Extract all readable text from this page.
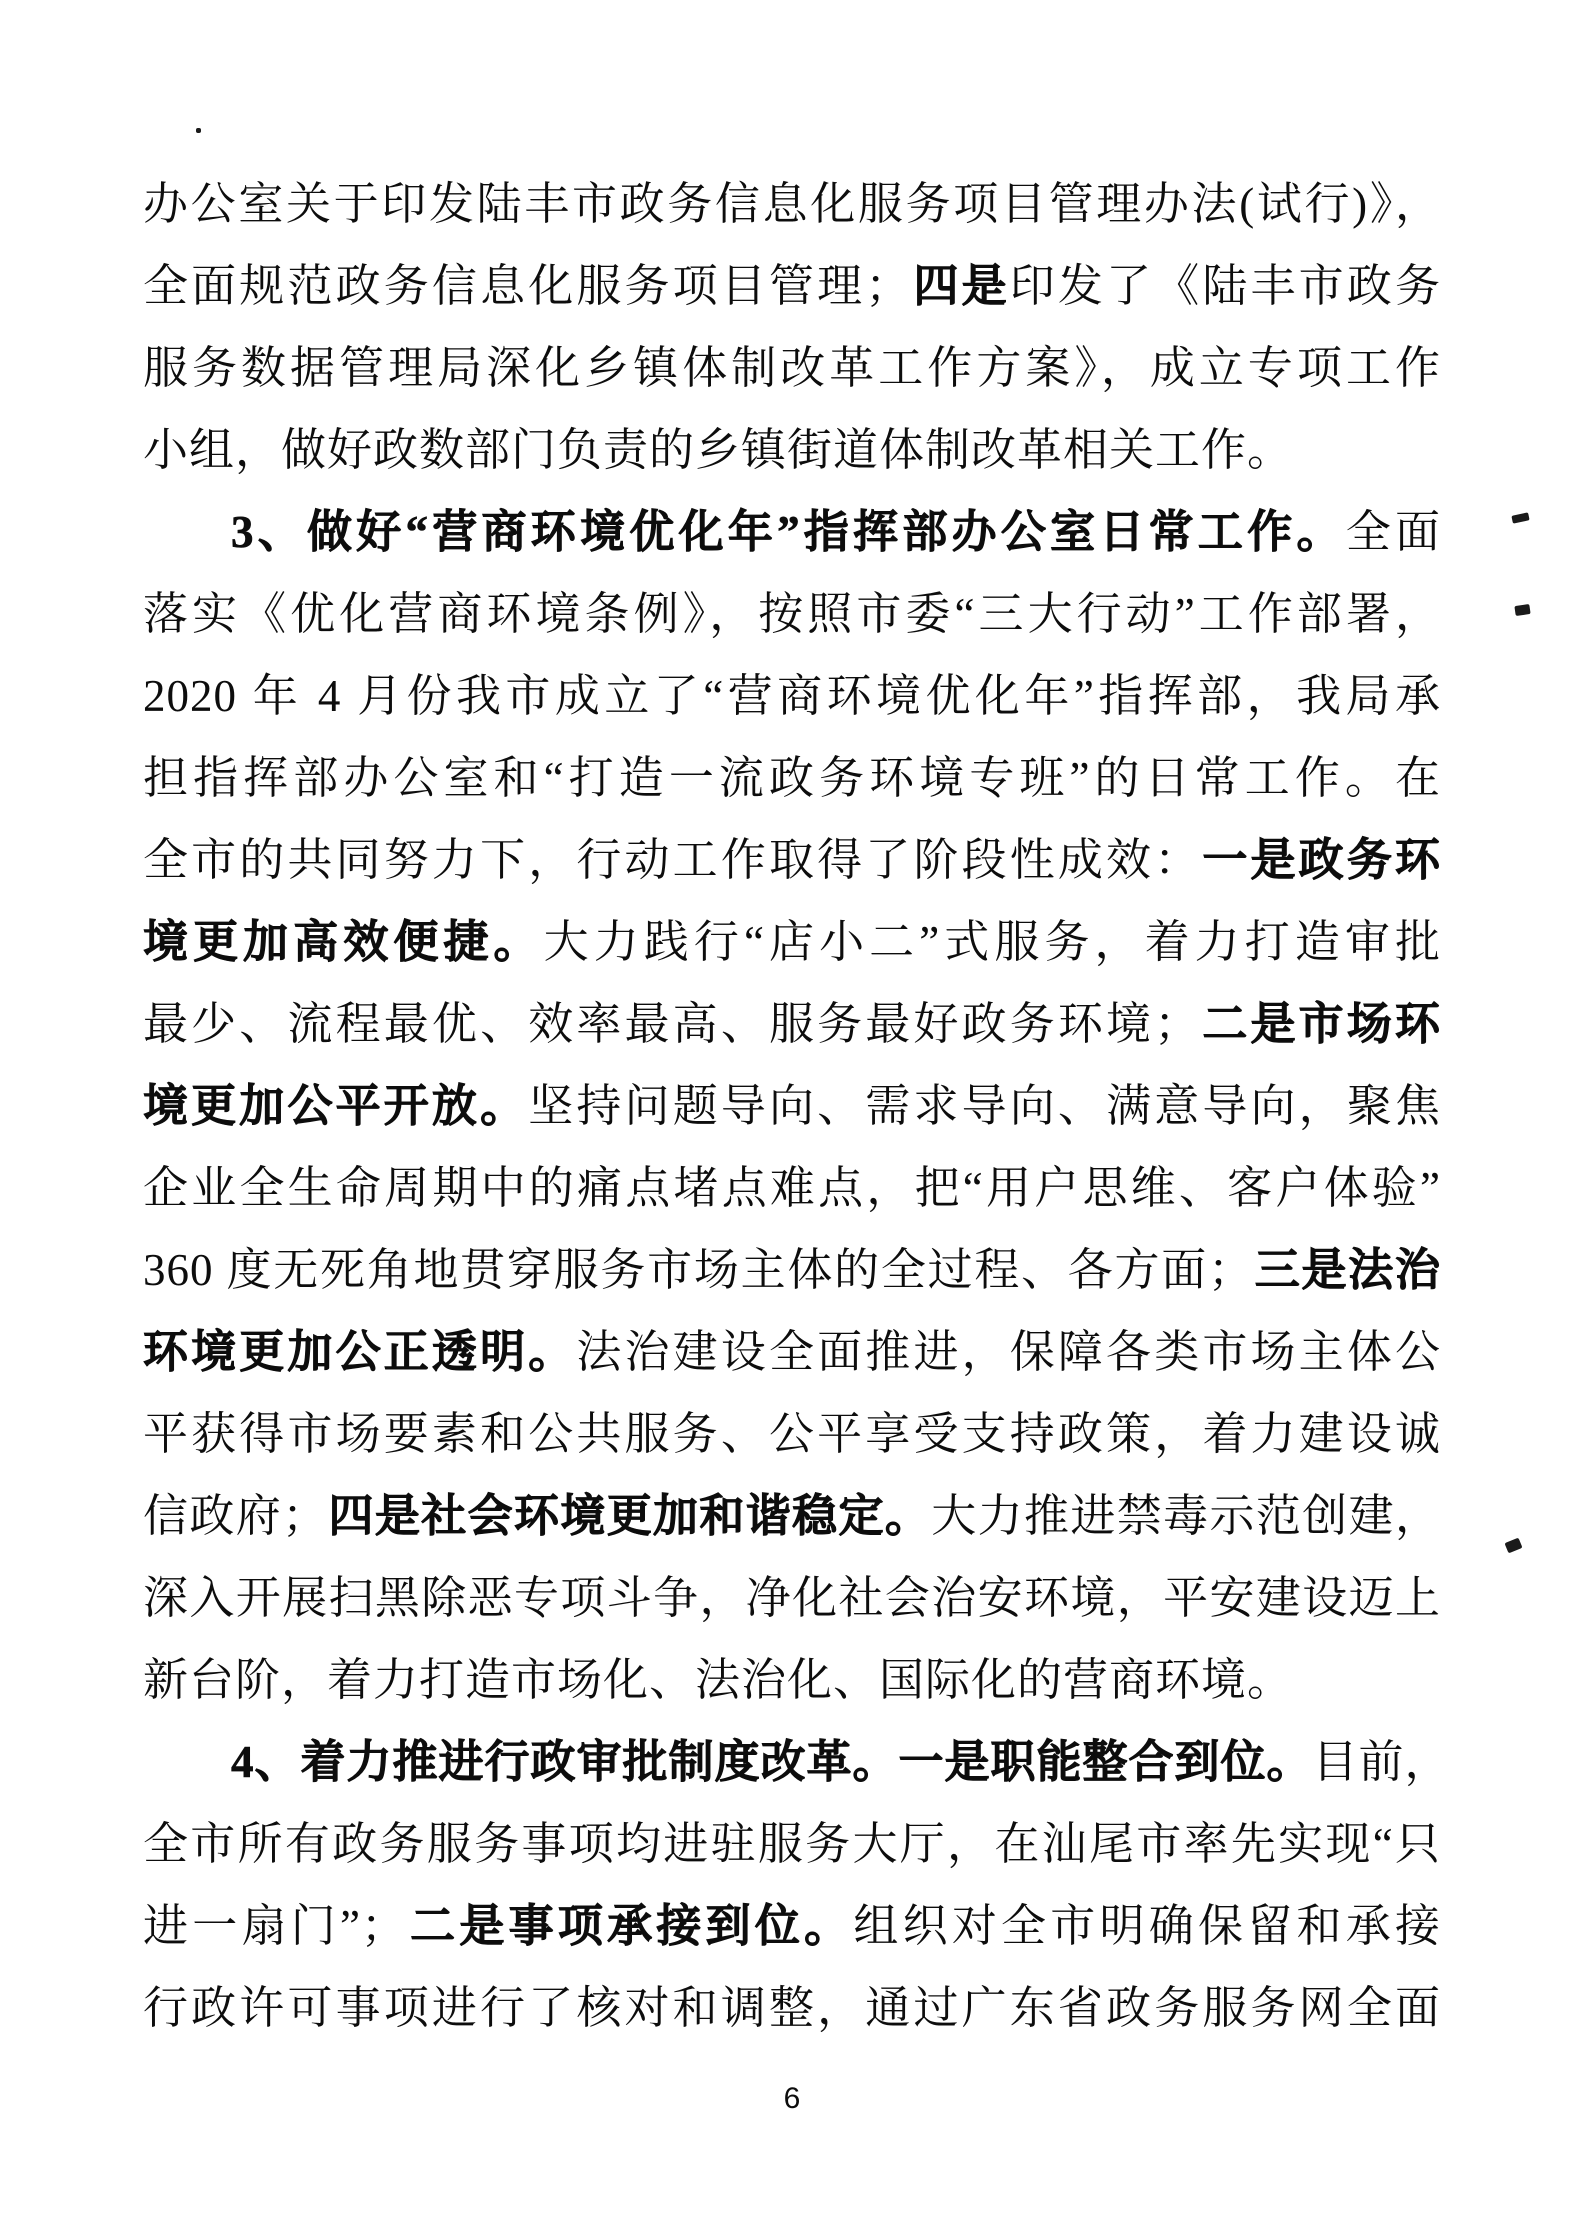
办公室关于印发陆丰市政务信息化服务项目管理办法(试行)》，
全面规范政务信息化服务项目管理；四是印发了《陆丰市政务
服务数据管理局深化乡镇体制改革工作方案》，成立专项工作
小组，做好政数部门负责的乡镇街道体制改革相关工作。
3、做好“营商环境优化年”指挥部办公室日常工作。全面
落实《优化营商环境条例》，按照市委“三大行动”工作部署，
2020 年 4 月份我市成立了“营商环境优化年”指挥部，我局承
担指挥部办公室和“打造一流政务环境专班”的日常工作。在
全市的共同努力下，行动工作取得了阶段性成效：一是政务环
境更加高效便捷。大力践行“店小二”式服务，着力打造审批
最少、流程最优、效率最高、服务最好政务环境；二是市场环
境更加公平开放。坚持问题导向、需求导向、满意导向，聚焦
企业全生命周期中的痛点堵点难点，把“用户思维、客户体验”
360 度无死角地贯穿服务市场主体的全过程、各方面；三是法治
环境更加公正透明。法治建设全面推进，保障各类市场主体公
平获得市场要素和公共服务、公平享受支持政策，着力建设诚
信政府；四是社会环境更加和谐稳定。大力推进禁毒示范创建，
深入开展扫黑除恶专项斗争，净化社会治安环境，平安建设迈上
新台阶，着力打造市场化、法治化、国际化的营商环境。
4、着力推进行政审批制度改革。一是职能整合到位。目前，
全市所有政务服务事项均进驻服务大厅，在汕尾市率先实现“只
进一扇门”；二是事项承接到位。组织对全市明确保留和承接
行政许可事项进行了核对和调整，通过广东省政务服务网全面
6
